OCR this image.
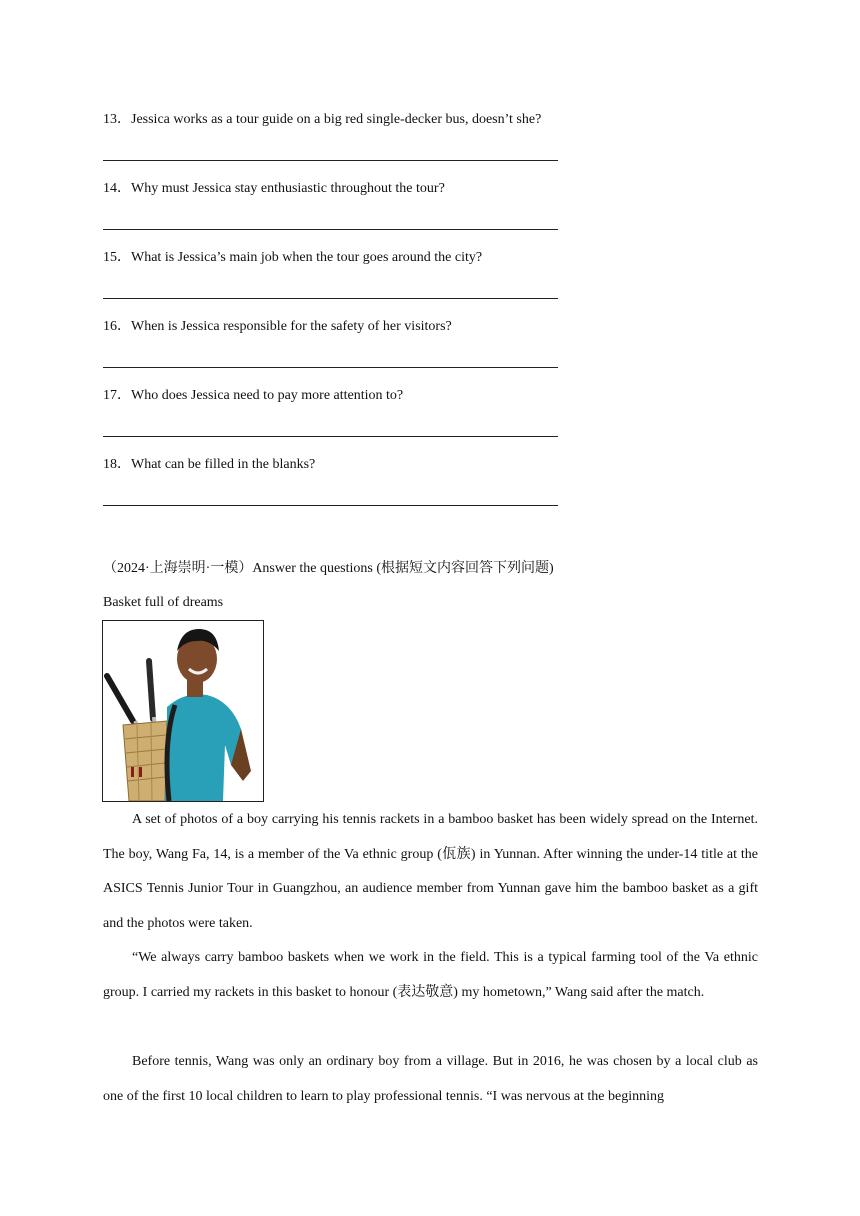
13．Jessica works as a tour guide on a big red single-decker bus, doesn’t she?
14．Why must Jessica stay enthusiastic throughout the tour?
15．What is Jessica’s main job when the tour goes around the city?
16．When is Jessica responsible for the safety of her visitors?
17．Who does Jessica need to pay more attention to?
18．What can be filled in the blanks?
（2024·上海崇明·一模）Answer the questions (根据短文内容回答下列问题)
Basket full of dreams
A set of photos of a boy carrying his tennis rackets in a bamboo basket has been widely spread on the Internet. The boy, Wang Fa, 14, is a member of the Va ethnic group (佤族) in Yunnan. After winning the under-14 title at the ASICS Tennis Junior Tour in Guangzhou, an audience member from Yunnan gave him the bamboo basket as a gift and the photos were taken.
“We always carry bamboo baskets when we work in the field. This is a typical farming tool of the Va ethnic group. I carried my rackets in this basket to honour (表达敬意) my hometown,” Wang said after the match.
Before tennis, Wang was only an ordinary boy from a village. But in 2016, he was chosen by a local club as one of the first 10 local children to learn to play professional tennis. “I was nervous at the beginning
